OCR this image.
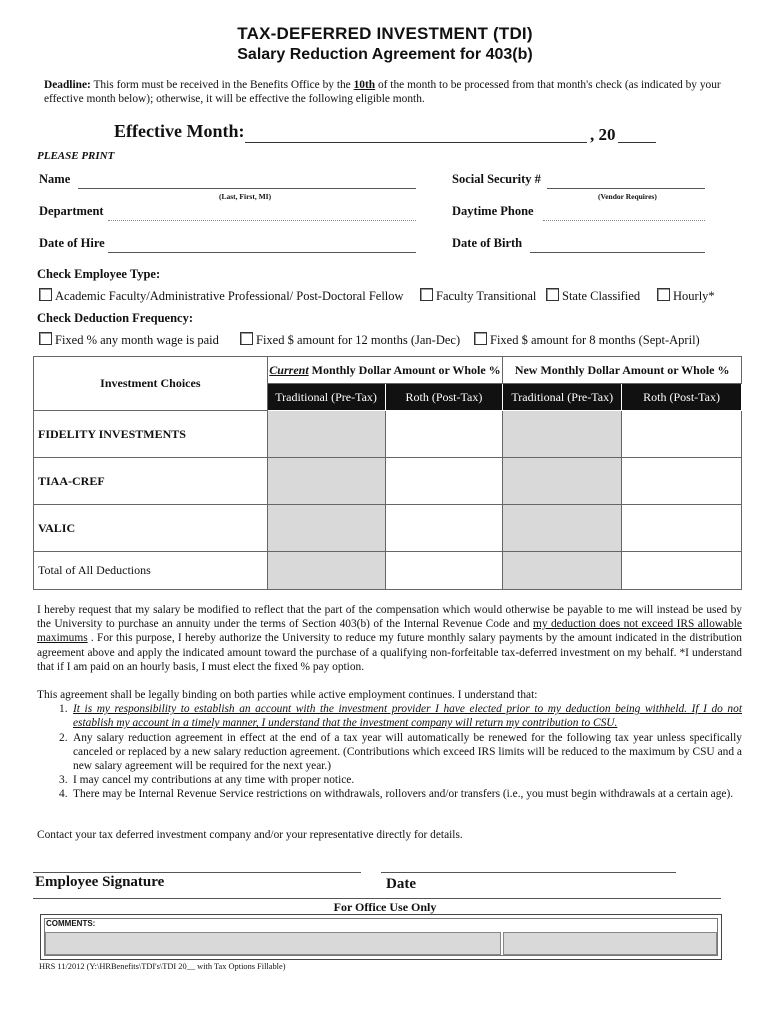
TAX-DEFERRED INVESTMENT (TDI)
Salary Reduction Agreement for 403(b)
Deadline: This form must be received in the Benefits Office by the 10th of the month to be processed from that month's check (as indicated by your effective month below); otherwise, it will be effective the following eligible month.
Effective Month:	, 20
PLEASE PRINT
Name
(Last, First, MI)
Social Security #
(Vendor Requires)
Department	Daytime Phone
Date of Hire	Date of Birth
Check Employee Type:
Academic Faculty/Administrative Professional/ Post-Doctoral Fellow	Faculty Transitional	State Classified	Hourly*
Check Deduction Frequency:
Fixed % any month wage is paid	Fixed $ amount for 12 months (Jan-Dec)	Fixed $ amount for 8 months (Sept-April)
Investment Choices	Current Monthly Dollar Amount or Whole %		New Monthly Dollar Amount or Whole %	
	Traditional (Pre-Tax)	Roth (Post-Tax)	Traditional (Pre-Tax)	Roth (Post-Tax)
FIDELITY INVESTMENTS				
TIAA-CREF				
VALIC				
Total of All Deductions				
I hereby request that my salary be modified to reflect that the part of the compensation which would otherwise be payable to me will instead be used by the University to purchase an annuity under the terms of Section 403(b) of the Internal Revenue Code and my deduction does not exceed IRS allowable maximums . For this purpose, I hereby authorize the University to reduce my future monthly salary payments by the amount indicated in the distribution agreement above and apply the indicated amount toward the purchase of a qualifying non-forfeitable tax-deferred investment on my behalf. *I understand that if I am paid on an hourly basis, I must elect the fixed % pay option.
This agreement shall be legally binding on both parties while active employment continues. I understand that:
1. It is my responsibility to establish an account with the investment provider I have elected prior to my deduction being withheld. If I do not establish my account in a timely manner, I understand that the investment company will return my contribution to CSU.
2. Any salary reduction agreement in effect at the end of a tax year will automatically be renewed for the following tax year unless specifically canceled or replaced by a new salary reduction agreement. (Contributions which exceed IRS limits will be reduced to the maximum by CSU and a new salary agreement will be required for the next year.)
3. I may cancel my contributions at any time with proper notice.
4. There may be Internal Revenue Service restrictions on withdrawals, rollovers and/or transfers (i.e., you must begin withdrawals at a certain age).
Contact your tax deferred investment company and/or your representative directly for details.
Employee Signature	Date
For Office Use Only
COMMENTS:
HRS 11/2012 (Y:\HRBenefits\TDI's\TDI 20__ with Tax Options Fillable)
